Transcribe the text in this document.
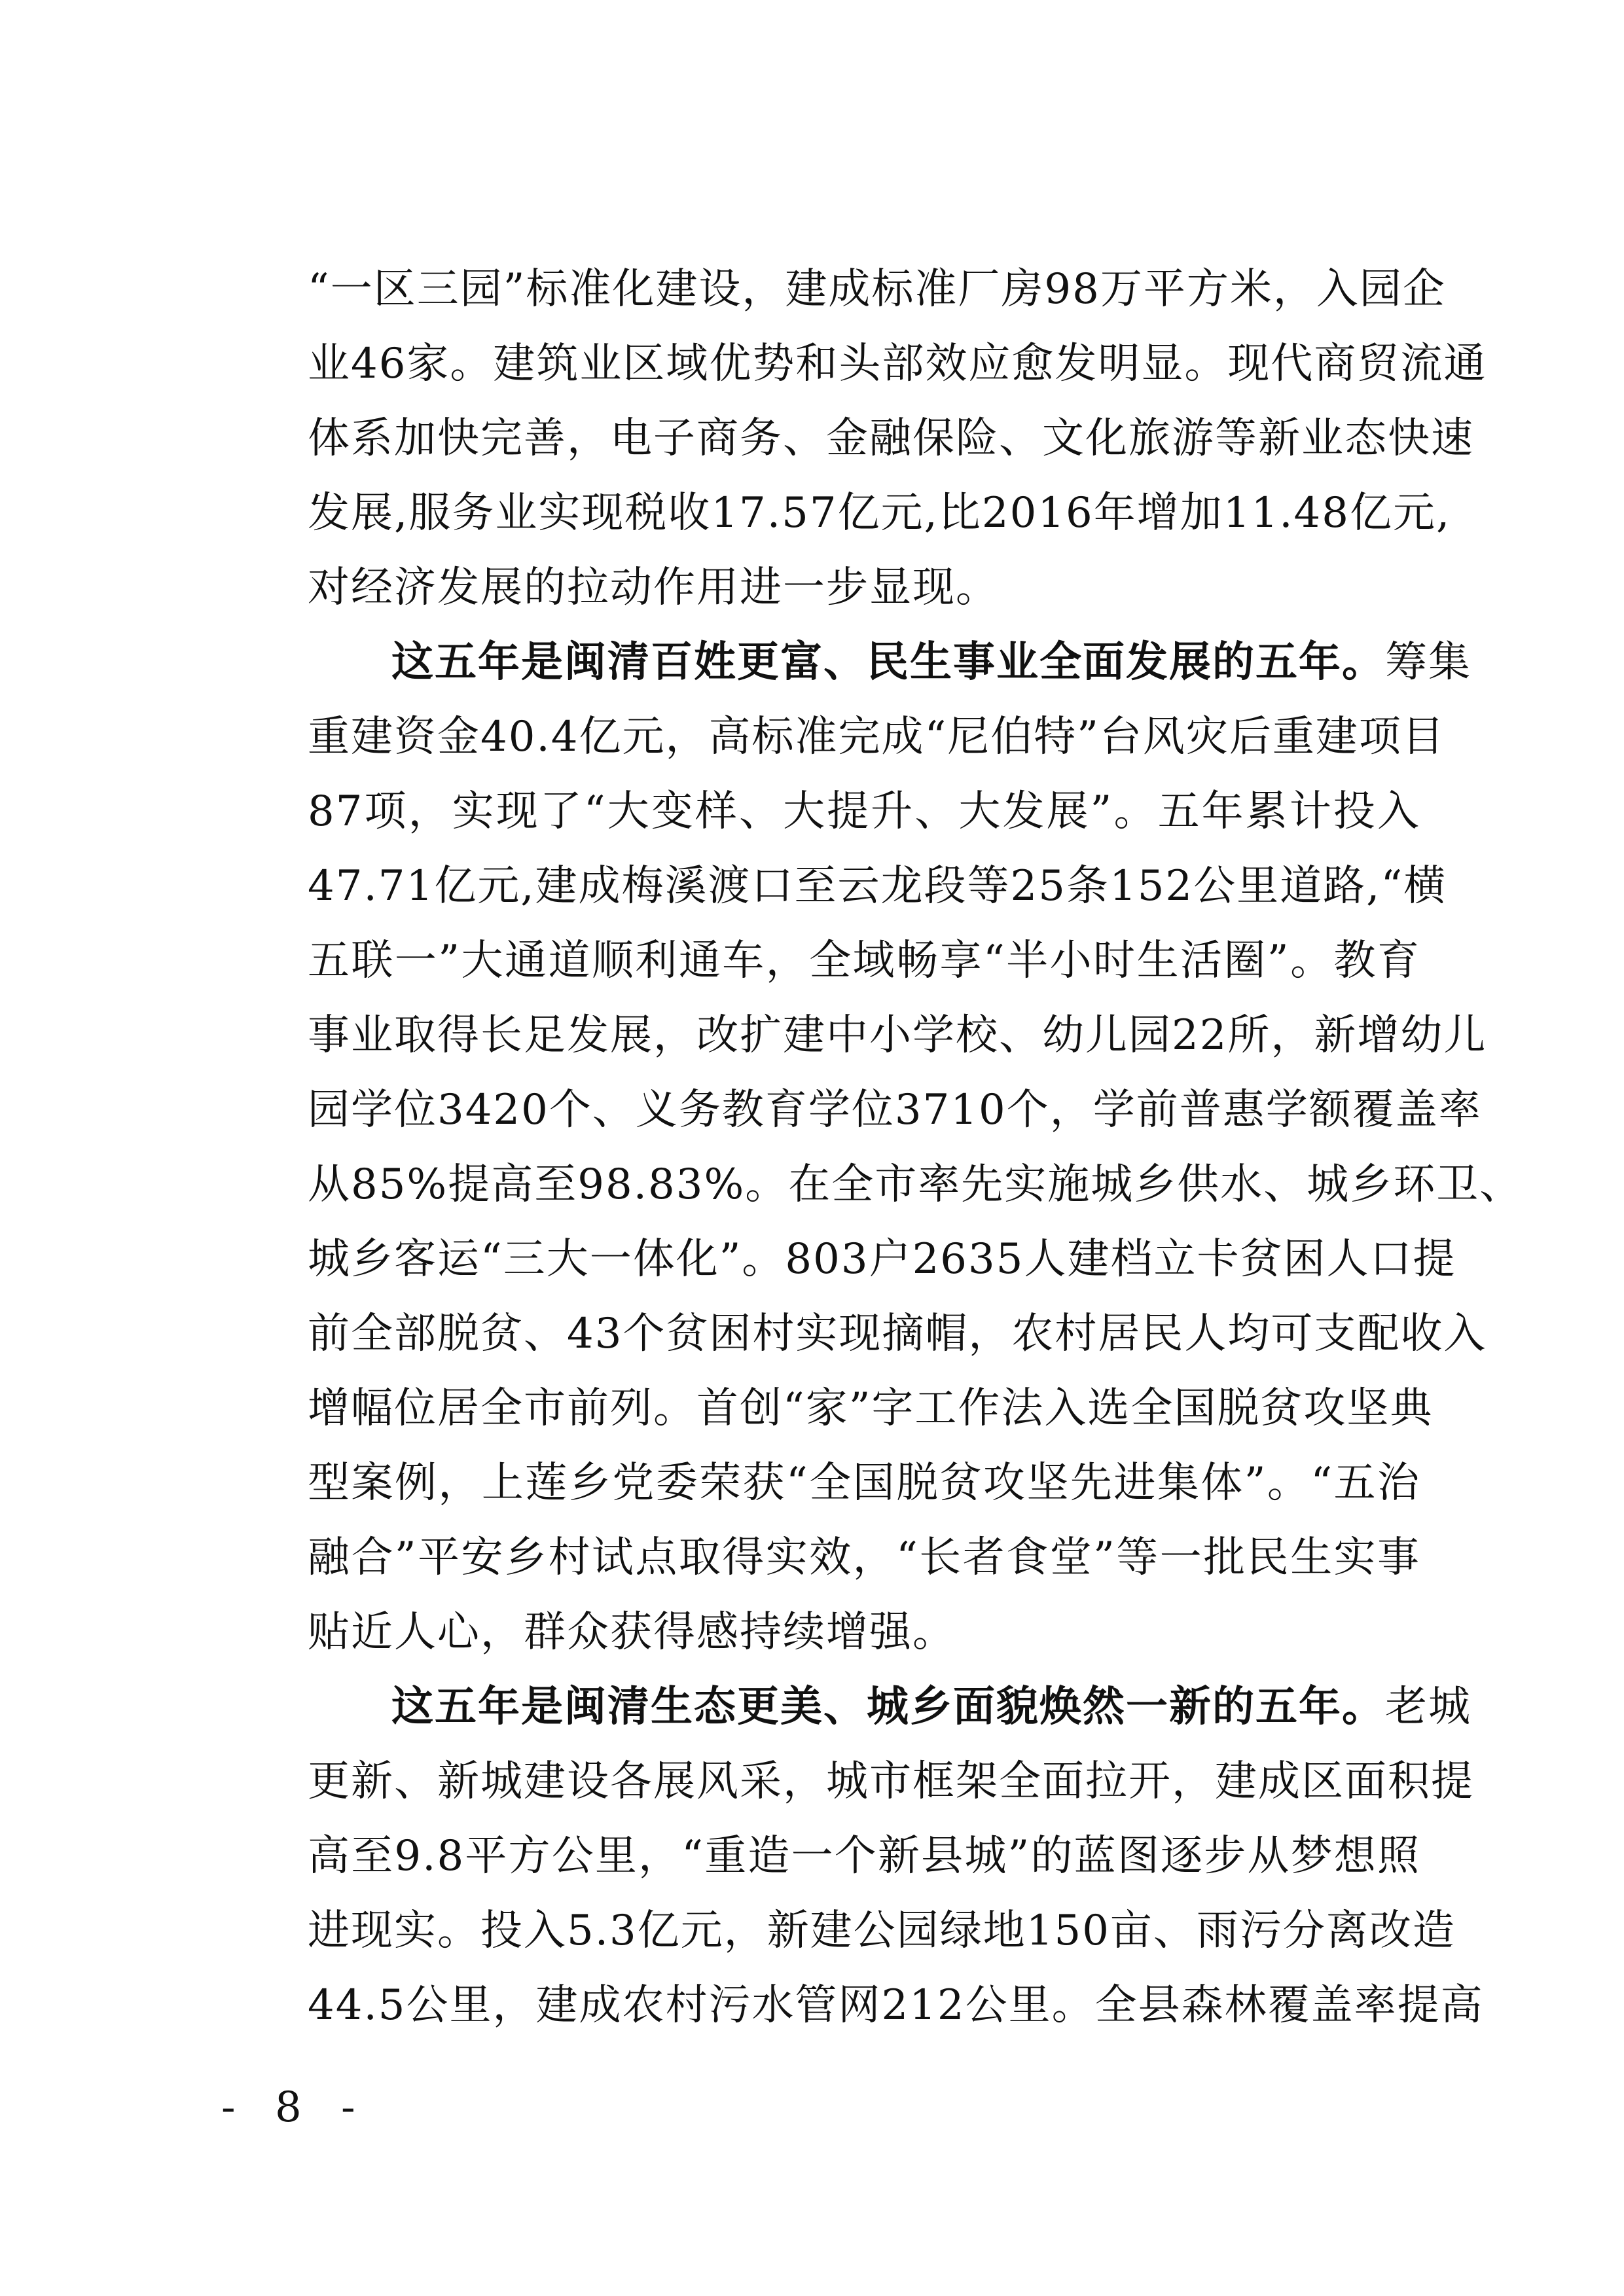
“一区三园”标准化建设，建成标准厂房98万平方米，入园企
业46家。建筑业区域优势和头部效应愈发明显。现代商贸流通
体系加快完善，电子商务、金融保险、文化旅游等新业态快速
发展,服务业实现税收17.57亿元,比2016年增加11.48亿元,
对经济发展的拉动作用进一步显现。
这五年是闽清百姓更富、民生事业全面发展的五年。筹集
重建资金40.4亿元，高标准完成“尼伯特”台风灾后重建项目
87项，实现了“大变样、大提升、大发展”。五年累计投入
47.71亿元,建成梅溪渡口至云龙段等25条152公里道路,“横
五联一”大通道顺利通车，全域畅享“半小时生活圈”。教育
事业取得长足发展，改扩建中小学校、幼儿园22所，新增幼儿
园学位3420个、义务教育学位3710个，学前普惠学额覆盖率
从85%提高至98.83%。在全市率先实施城乡供水、城乡环卫、
城乡客运“三大一体化”。803户2635人建档立卡贫困人口提
前全部脱贫、43个贫困村实现摘帽，农村居民人均可支配收入
增幅位居全市前列。首创“家”字工作法入选全国脱贫攻坚典
型案例，上莲乡党委荣获“全国脱贫攻坚先进集体”。“五治
融合”平安乡村试点取得实效，“长者食堂”等一批民生实事
贴近人心，群众获得感持续增强。
这五年是闽清生态更美、城乡面貌焕然一新的五年。老城
更新、新城建设各展风采，城市框架全面拉开，建成区面积提
高至9.8平方公里，“重造一个新县城”的蓝图逐步从梦想照
进现实。投入5.3亿元，新建公园绿地150亩、雨污分离改造
44.5公里，建成农村污水管网212公里。全县森林覆盖率提高
- 8 -
